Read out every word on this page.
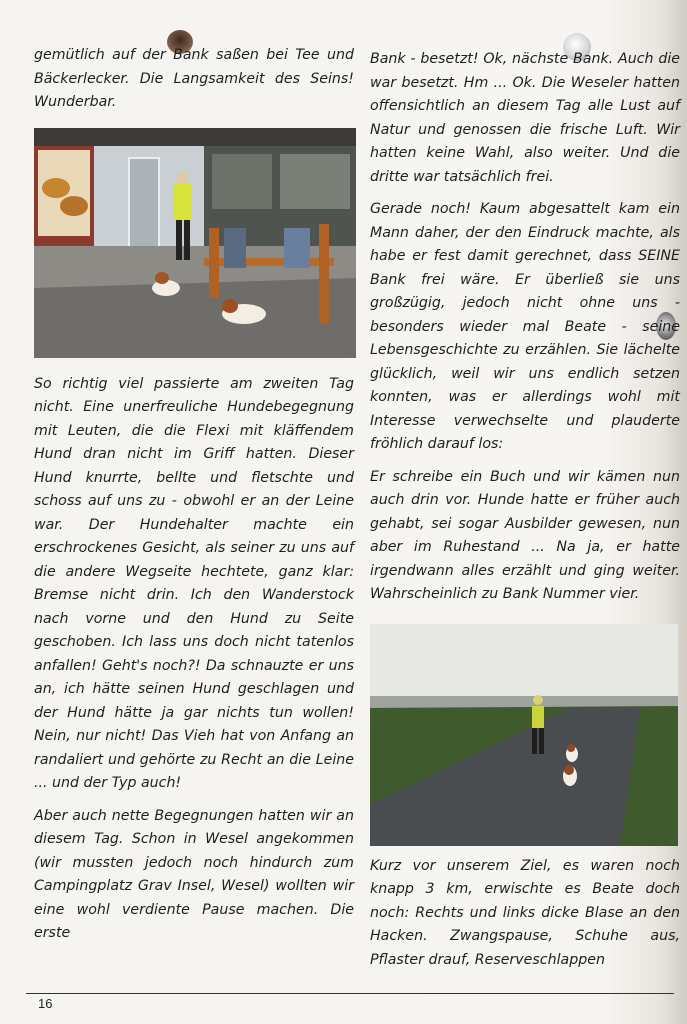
gemütlich auf der Bank saßen bei Tee und Bäckerlecker. Die Langsamkeit des Seins! Wunderbar.

So richtig viel passierte am zweiten Tag nicht. Eine unerfreuliche Hundebegegnung mit Leuten, die die Flexi mit kläffendem Hund dran nicht im Griff hatten. Dieser Hund knurrte, bellte und fletschte und schoss auf uns zu - obwohl er an der Leine war. Der Hundehalter machte ein erschrockenes Gesicht, als seiner zu uns auf die andere Wegseite hechtete, ganz klar: Bremse nicht drin. Ich den Wanderstock nach vorne und den Hund zu Seite geschoben. Ich lass uns doch nicht tatenlos anfallen! Geht's noch?! Da schnauzte er uns an, ich hätte seinen Hund geschlagen und der Hund hätte ja gar nichts tun wollen! Nein, nur nicht! Das Vieh hat von Anfang an randaliert und gehörte zu Recht an die Leine ... und der Typ auch!

Aber auch nette Begegnungen hatten wir an diesem Tag. Schon in Wesel angekommen (wir mussten jedoch noch hindurch zum Campingplatz Grav Insel, Wesel) wollten wir eine wohl verdiente Pause machen. Die erste

Bank - besetzt! Ok, nächste Bank. Auch die war besetzt. Hm ... Ok. Die Weseler hatten offensichtlich an diesem Tag alle Lust auf Natur und genossen die frische Luft. Wir hatten keine Wahl, also weiter. Und die dritte war tatsächlich frei.

Gerade noch! Kaum abgesattelt kam ein Mann daher, der den Eindruck machte, als habe er fest damit gerechnet, dass SEINE Bank frei wäre. Er überließ sie uns großzügig, jedoch nicht ohne uns - besonders wieder mal Beate - seine Lebensgeschichte zu erzählen. Sie lächelte glücklich, weil wir uns endlich setzen konnten, was er allerdings wohl mit Interesse verwechselte und plauderte fröhlich darauf los:

Er schreibe ein Buch und wir kämen nun auch drin vor. Hunde hatte er früher auch gehabt, sei sogar Ausbilder gewesen, nun aber im Ruhestand ... Na ja, er hatte irgendwann alles erzählt und ging weiter. Wahrscheinlich zu Bank Nummer vier.

Kurz vor unserem Ziel, es waren noch knapp 3 km, erwischte es Beate doch noch: Rechts und links dicke Blase an den Hacken. Zwangspause, Schuhe aus, Pflaster drauf, Reserveschlappen

16
